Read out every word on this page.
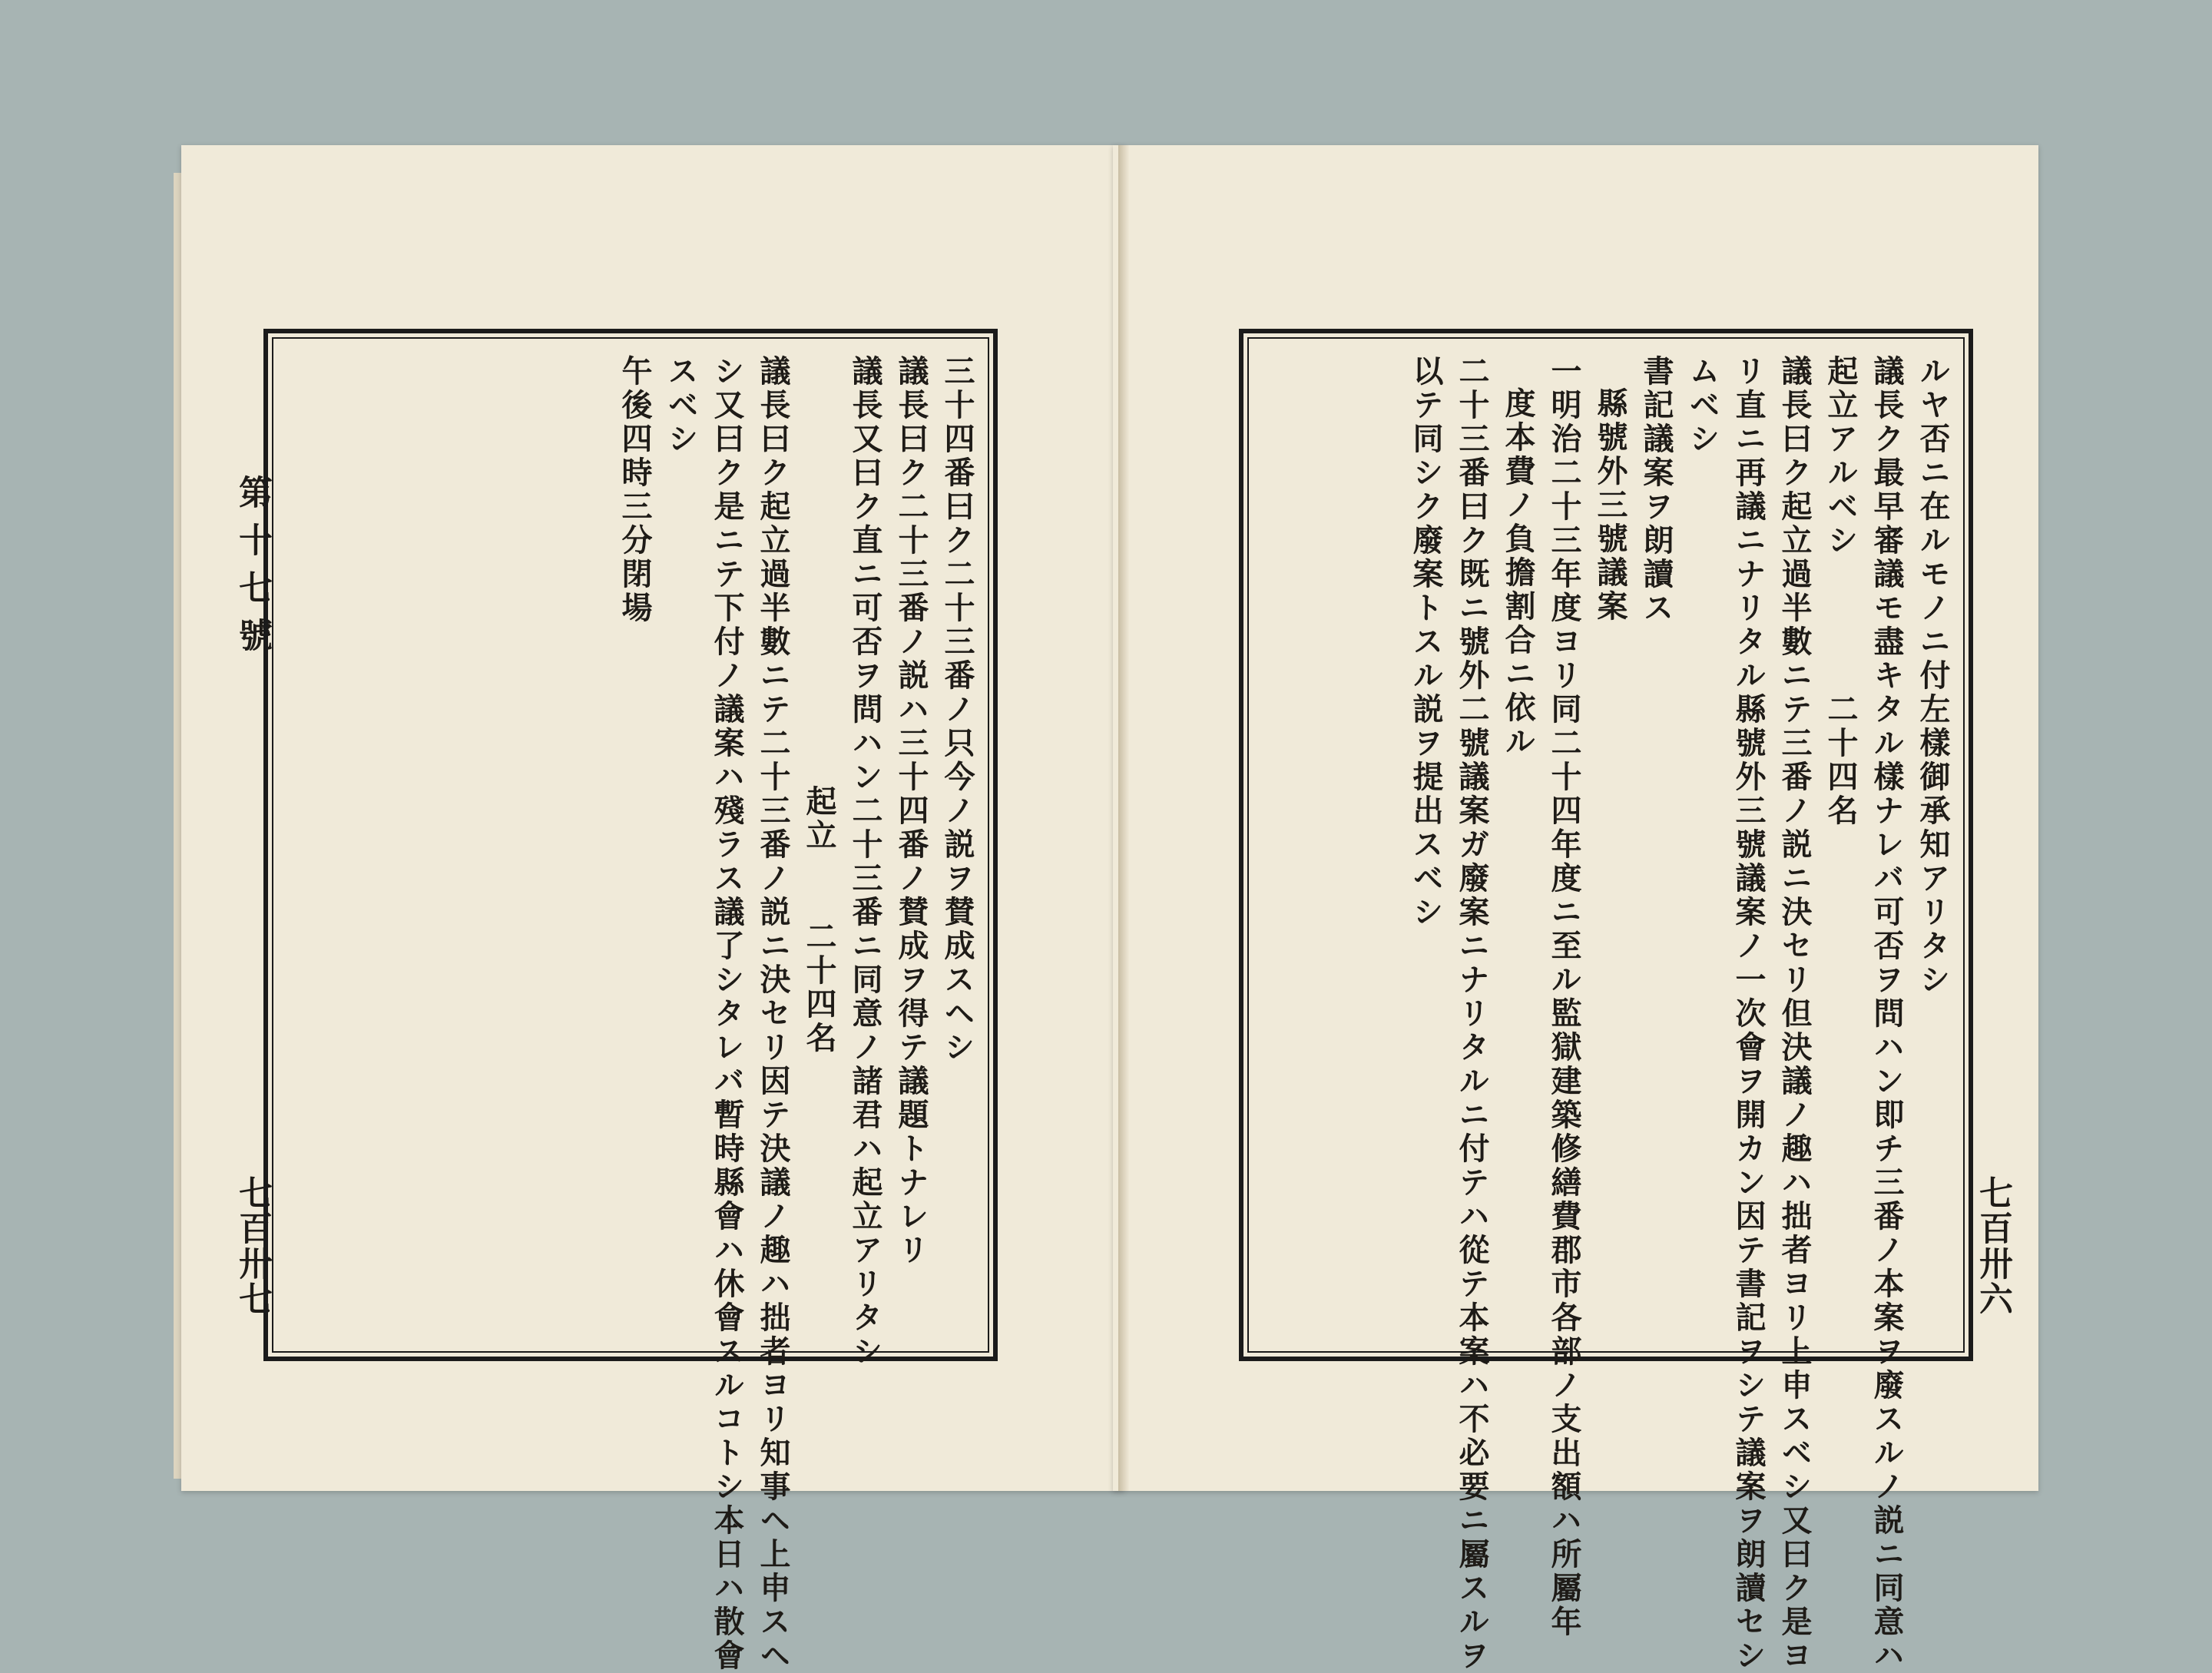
第十七號
七百卅七
三十四番曰ク二十三番ノ只今ノ説ヲ賛成スヘシ
議長曰ク二十三番ノ説ハ三十四番ノ賛成ヲ得テ議題トナレリ
議長又曰ク直ニ可否ヲ問ハン二十三番ニ同意ノ諸君ハ起立アリタシ
起立　　二十四名
議長曰ク起立過半數ニテ二十三番ノ説ニ決セリ因テ決議ノ趣ハ拙者ヨリ知事ヘ上申スヘ
シ又曰ク是ニテ下付ノ議案ハ殘ラス議了シタレバ暫時縣會ハ休會スルコトシ本日ハ散會
スベシ
午後四時三分閉場
七百卅六
ルヤ否ニ在ルモノニ付左樣御承知アリタシ
議長ク最早審議モ盡キタル樣ナレバ可否ヲ問ハン即チ三番ノ本案ヲ廢スルノ説ニ同意ハ
起立アルベシ　　　　二十四名
議長曰ク起立過半數ニテ三番ノ説ニ決セリ但決議ノ趣ハ拙者ヨリ上申スベシ又曰ク是ヨ
リ直ニ再議ニナリタル縣號外三號議案ノ一次會ヲ開カン因テ書記ヲシテ議案ヲ朗讀セシ
ムベシ
書記議案ヲ朗讀ス
縣號外三號議案
一明治二十三年度ヨリ同二十四年度ニ至ル監獄建築修繕費郡市各部ノ支出額ハ所屬年
度本費ノ負擔割合ニ依ル
二十三番曰ク既ニ號外二號議案ガ廢案ニナリタルニ付テハ從テ本案ハ不必要ニ屬スルヲ
以テ同シク廢案トスル説ヲ提出スベシ
